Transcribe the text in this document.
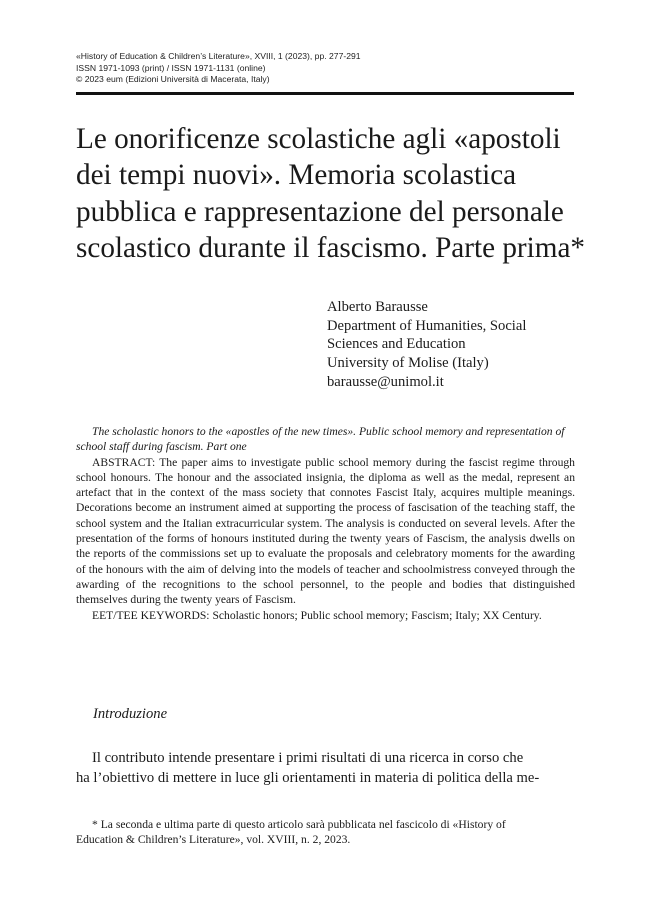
«History of Education & Children’s Literature», XVIII, 1 (2023), pp. 277-291
ISSN 1971-1093 (print) / ISSN 1971-1131 (online)
© 2023 eum (Edizioni Università di Macerata, Italy)
Le onorificenze scolastiche agli «apostoli dei tempi nuovi». Memoria scolastica pubblica e rappresentazione del personale scolastico durante il fascismo. Parte prima*
Alberto Barausse
Department of Humanities, Social
Sciences and Education
University of Molise (Italy)
barausse@unimol.it

The scholastic honors to the «apostles of the new times». Public school memory and representation of school staff during fascism. Part one

ABSTRACT: The paper aims to investigate public school memory during the fascist regime through school honours. The honour and the associated insignia, the diploma as well as the medal, represent an artefact that in the context of the mass society that connotes Fascist Italy, acquires multiple meanings. Decorations become an instrument aimed at supporting the process of fascisation of the teaching staff, the school system and the Italian extracurricular system. The analysis is conducted on several levels. After the presentation of the forms of honours instituted during the twenty years of Fascism, the analysis dwells on the reports of the commissions set up to evaluate the proposals and celebratory moments for the awarding of the honours with the aim of delving into the models of teacher and schoolmistress conveyed through the awarding of the recognitions to the school personnel, to the people and bodies that distinguished themselves during the twenty years of Fascism.

EET/TEE KEYWORDS: Scholastic honors; Public school memory; Fascism; Italy; XX Century.

Introduzione
Il contributo intende presentare i primi risultati di una ricerca in corso che
ha l’obiettivo di mettere in luce gli orientamenti in materia di politica della me-
* La seconda e ultima parte di questo articolo sarà pubblicata nel fascicolo di «History of
Education & Children’s Literature», vol. XVIII, n. 2, 2023.
